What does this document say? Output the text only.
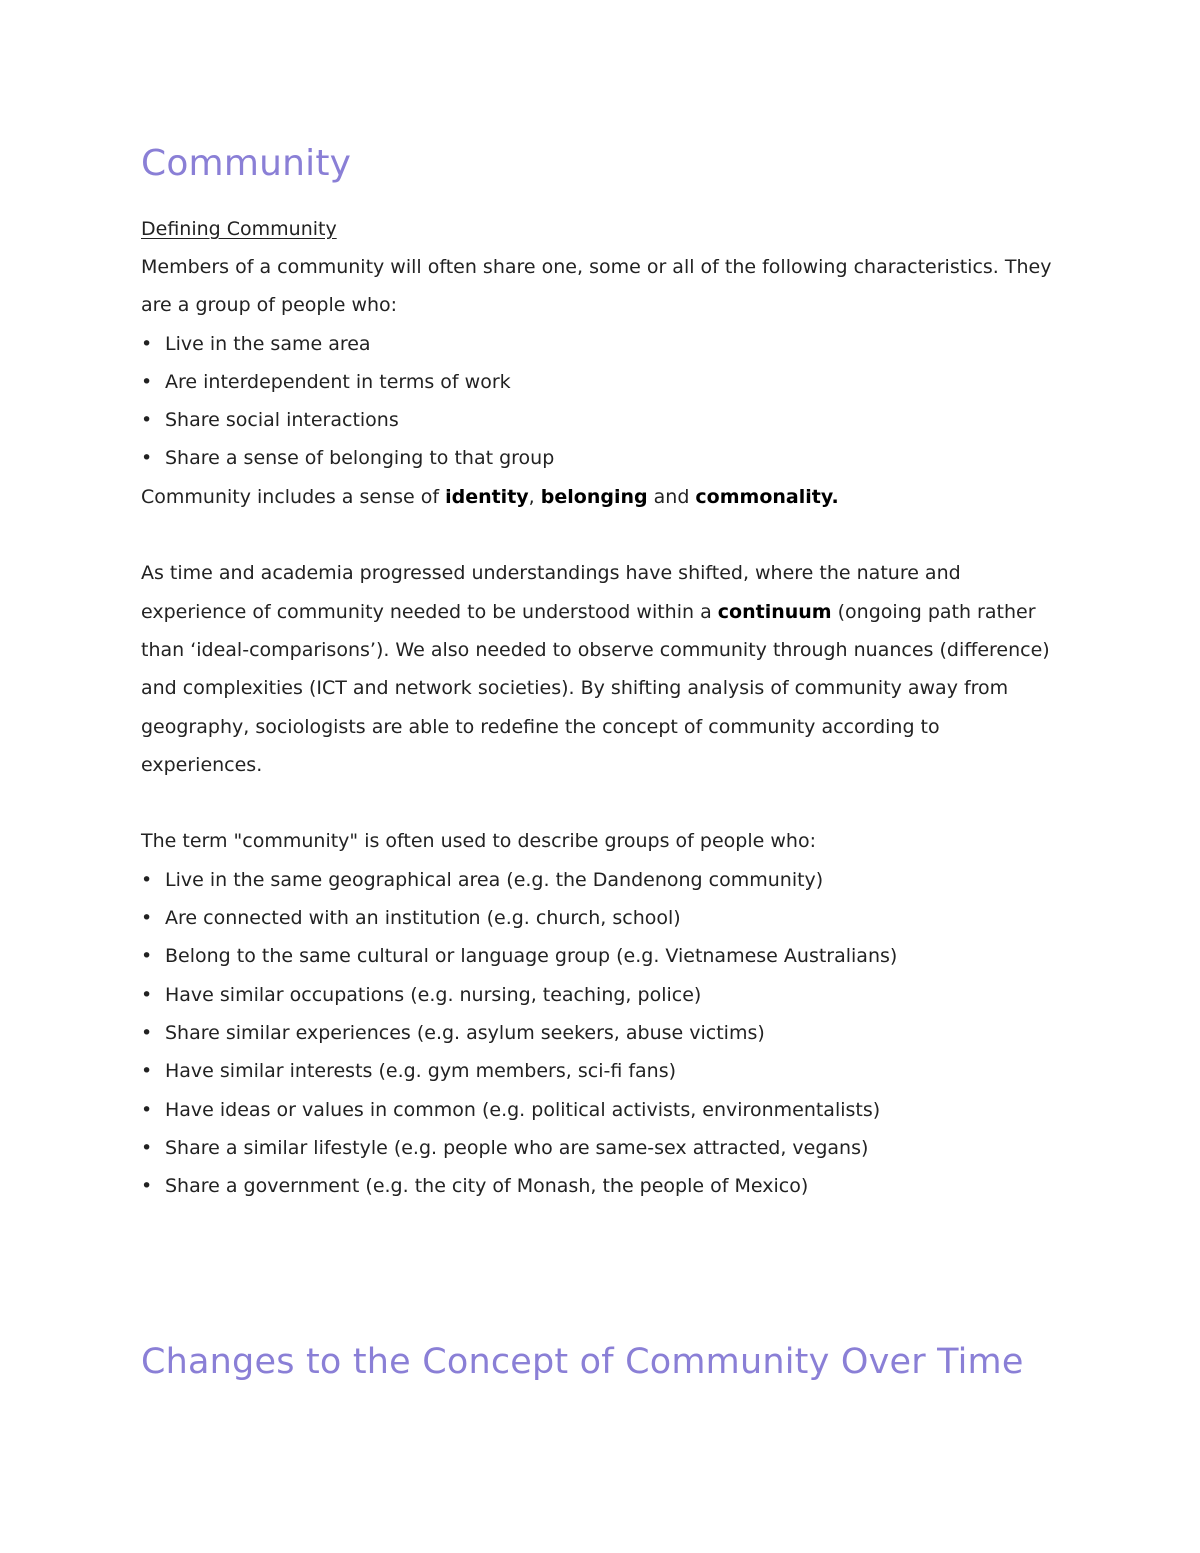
Community
Defining Community

Members of a community will often share one, some or all of the following characteristics. They are a group of people who:

• Live in the same area
• Are interdependent in terms of work
• Share social interactions
• Share a sense of belonging to that group

Community includes a sense of identity, belonging and commonality.

As time and academia progressed understandings have shifted, where the nature and experience of community needed to be understood within a continuum (ongoing path rather than ‘ideal-comparisons’). We also needed to observe community through nuances (difference) and complexities (ICT and network societies). By shifting analysis of community away from geography, sociologists are able to redefine the concept of community according to experiences.

The term "community" is often used to describe groups of people who:

• Live in the same geographical area (e.g. the Dandenong community)
• Are connected with an institution (e.g. church, school)
• Belong to the same cultural or language group (e.g. Vietnamese Australians)
• Have similar occupations (e.g. nursing, teaching, police)
• Share similar experiences (e.g. asylum seekers, abuse victims)
• Have similar interests (e.g. gym members, sci-fi fans)
• Have ideas or values in common (e.g. political activists, environmentalists)
• Share a similar lifestyle (e.g. people who are same-sex attracted, vegans)
• Share a government (e.g. the city of Monash, the people of Mexico)
Changes to the Concept of Community Over Time
